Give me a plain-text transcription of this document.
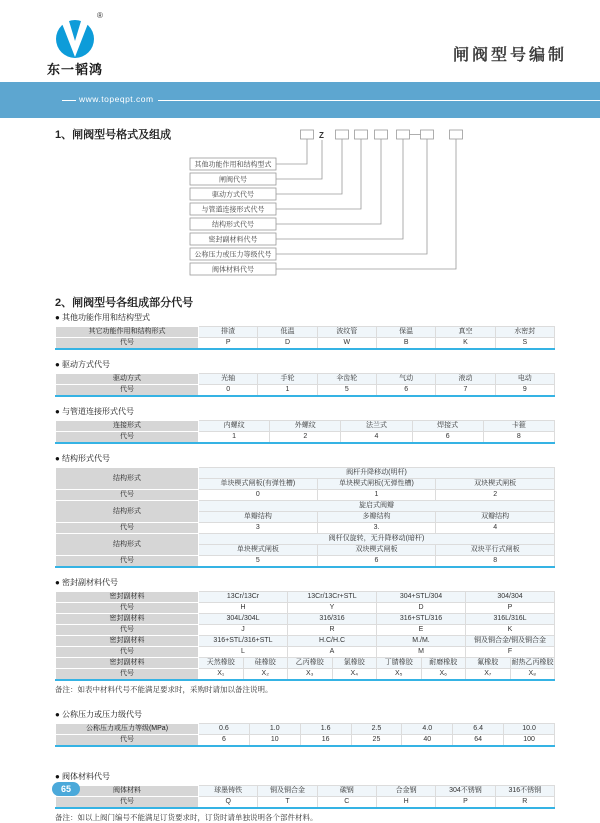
®
东一韬鸿
闸阀型号编制
www.topeqpt.com
1、闸阀型号格式及组成	Z
其他功能作用和结构型式
闸阀代号
驱动方式代号
与管道连接形式代号
结构形式代号
密封副材料代号
公称压力或压力等级代号
阀体材料代号
2、闸阀型号各组成部分代号
● 其他功能作用和结构型式
其它功能作用和结构形式	排渣	低温	波纹管	保温	真空	水密封
代号	P	D	W	B	K	S
● 驱动方式代号
驱动方式	光轴	手轮	伞齿轮	气动	液动	电动
代号	0	1	5	6	7	9
● 与管道连接形式代号
连接形式	内螺纹	外螺纹	法兰式	焊接式	卡箍
代号	1	2	4	6	8
● 结构形式代号
结构形式	阀杆升降移动(明杆)		
	单块楔式闸板(有弹性槽)	单块楔式闸板(无弹性槽)	双块楔式闸板
代号	0	1	2
结构形式	旋启式阀瓣		
	单瓣结构	多瓣结构	双瓣结构
代号	3	3.	4
结构形式	阀杆仅旋转，无升降移动(暗杆)		
	单块楔式闸板	双块楔式闸板	双块平行式闸板
代号	5	6	8
● 密封副材料代号
密封副材料	13Cr/13Cr		13Cr/13Cr+STL		304+STL/304		304/304	
代号	H		Y		D		P	
密封副材料	304L/304L		316/316		316+STL/316		316L/316L	
代号	J		R		E		K	
密封副材料	316+STL/316+STL		H.C/H.C		M./M.		铜及铜合金/铜及铜合金	
代号	L		A		M		F	
密封副材料	天然橡胶	硅橡胶	乙丙橡胶	氯橡胶	丁腈橡胶	耐磨橡胶	氟橡胶	耐热乙丙橡胶
代号	X₁	X₂	X₃	X₄	X₅	X₆	X₇	X₈
备注：如表中材料代号不能满足要求时，采购时请加以备注说明。
● 公称压力或压力级代号
公称压力或压力等级(MPa)	0.6	1.0	1.6	2.5	4.0	6.4	10.0
代号	6	10	16	25	40	64	100
● 阀体材料代号
阀体材料	球墨铸铁	铜及铜合金	碳钢	合金钢	304不锈钢	316不锈钢
代号	Q	T	C	H	P	R
备注：如以上阀门编号不能满足订货要求时，订货时请单独说明各个部件材料。
65
